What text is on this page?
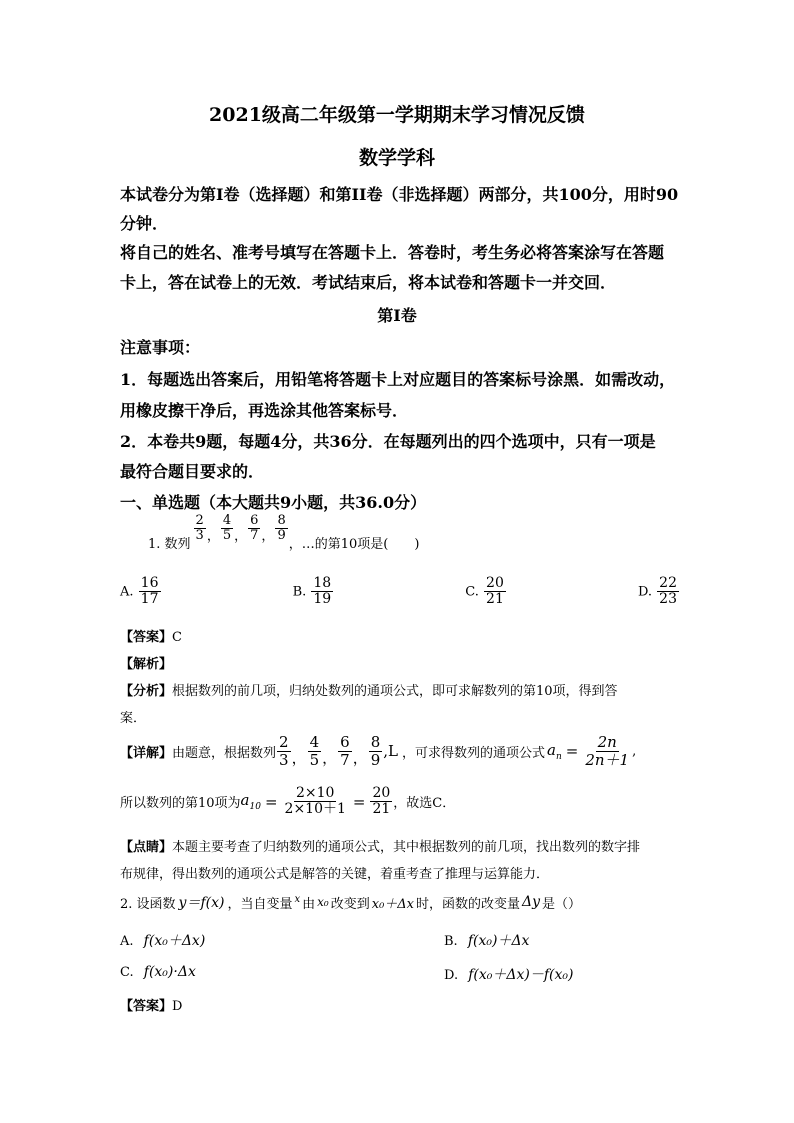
2021级高二年级第一学期期末学习情况反馈
数学学科
本试卷分为第I卷（选择题）和第II卷（非选择题）两部分，共100分，用时90
分钟．
将自己的姓名、准考号填写在答题卡上．答卷时，考生务必将答案涂写在答题
卡上，答在试卷上的无效．考试结束后，将本试卷和答题卡一并交回．
第I卷
注意事项：
1．每题选出答案后，用铅笔将答题卡上对应题目的答案标号涂黑．如需改动，
用橡皮擦干净后，再选涂其他答案标号．
2．本卷共9题，每题4分，共36分．在每题列出的四个选项中，只有一项是
最符合题目要求的．
一、单选题（本大题共9小题，共36.0分）
1. 数列
$\frac{2}{3}$ ， $\frac{4}{5}$ ， $\frac{6}{7}$ ， $\frac{8}{9}$
，…的第10项是(　　)
A. $\frac{16}{17}$	B. $\frac{18}{19}$	C. $\frac{20}{21}$	D. $\frac{22}{23}$
【答案】C
【解析】
【分析】根据数列的前几项，归纳处数列的通项公式，即可求解数列的第10项，得到答
案．
【详解】 由题意，根据数列 $\frac{2}{3}$ ， $\frac{4}{5}$ ， $\frac{6}{7}$ ， $\frac{8}{9} ,L$ ，可求得数列的通项公式 $a_n = \frac{2n}{2n+1}$ ,
所以数列的第10项为 $a_{10} = \frac{2\times 10}{2\times 10+1} = \frac{20}{21}$ ，故选C．
【点睛】本题主要考查了归纳数列的通项公式，其中根据数列的前几项，找出数列的数字排
布规律，得出数列的通项公式是解答的关键，着重考查了推理与运算能力．
2. 设函数 y＝f(x) ，当自变量 x 由 x₀ 改变到 x₀＋Δx 时，函数的改变量 Δy 是（）
A. f(x₀＋Δx)	B. f(x₀)＋Δx
C. f(x₀)·Δx	D. f(x₀＋Δx)－f(x₀)
【答案】D
